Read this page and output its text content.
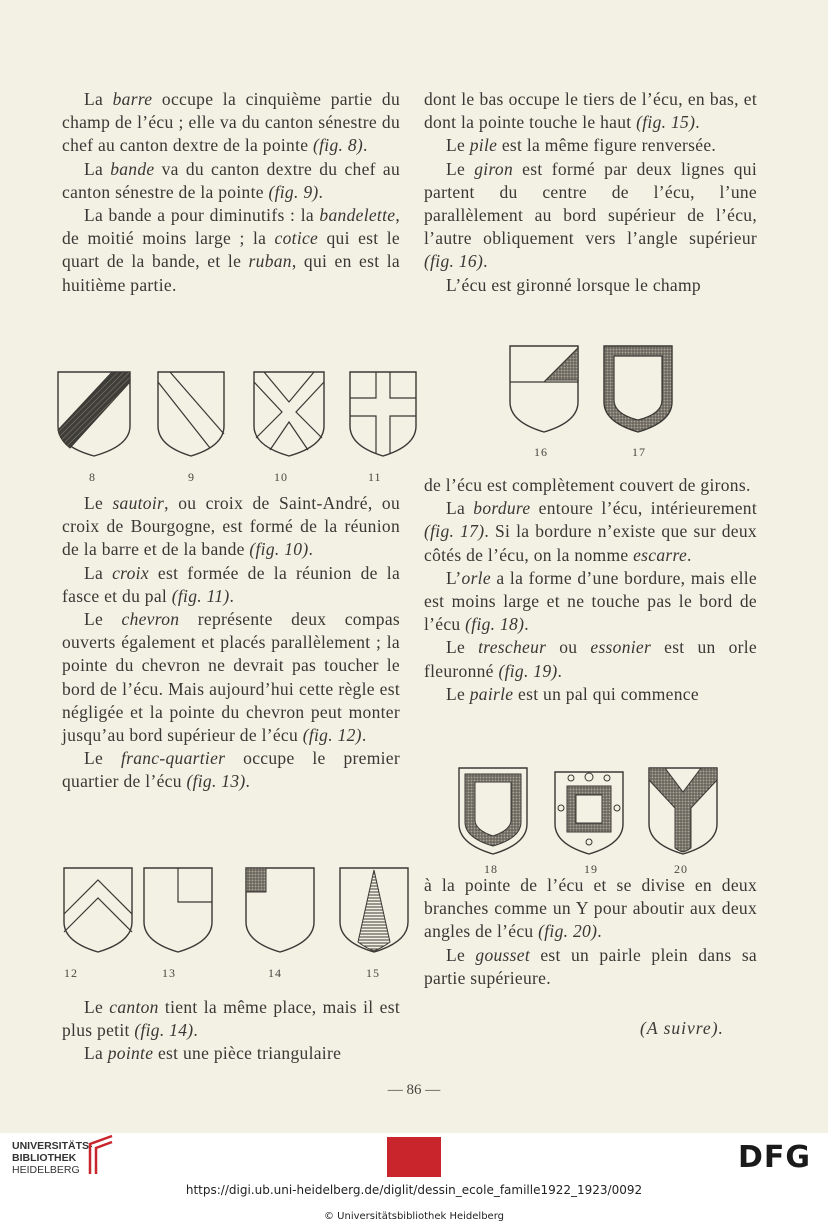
La barre occupe la cinquième partie du champ de l’écu ; elle va du canton sénestre du chef au canton dextre de la pointe (fig. 8).

La bande va du canton dextre du chef au canton sénestre de la pointe (fig. 9).

La bande a pour diminutifs : la bandelette, de moitié moins large ; la cotice qui est le quart de la bande, et le ruban, qui en est la huitième partie.

8	9	10	11

Le sautoir, ou croix de Saint-André, ou croix de Bourgogne, est formé de la réunion de la barre et de la bande (fig. 10).

La croix est formée de la réunion de la fasce et du pal (fig. 11).

Le chevron représente deux compas ouverts également et placés parallèlement ; la pointe du chevron ne devrait pas toucher le bord de l’écu. Mais aujourd’hui cette règle est négligée et la pointe du chevron peut monter jusqu’au bord supérieur de l’écu (fig. 12).

Le franc-quartier occupe le premier quartier de l’écu (fig. 13).

12	13	14	15

Le canton tient la même place, mais il est plus petit (fig. 14).

La pointe est une pièce triangulaire

dont le bas occupe le tiers de l’écu, en bas, et dont la pointe touche le haut (fig. 15).

Le pile est la même figure renversée.

Le giron est formé par deux lignes qui partent du centre de l’écu, l’une parallèlement au bord supérieur de l’écu, l’autre obliquement vers l’angle supérieur (fig. 16).

L’écu est gironné lorsque le champ

16	17

de l’écu est complètement couvert de girons.

La bordure entoure l’écu, intérieurement (fig. 17). Si la bordure n’existe que sur deux côtés de l’écu, on la nomme escarre.

L’orle a la forme d’une bordure, mais elle est moins large et ne touche pas le bord de l’écu (fig. 18).

Le trescheur ou essonier est un orle fleuronné (fig. 19).

Le pairle est un pal qui commence

18	19	20

à la pointe de l’écu et se divise en deux branches comme un Y pour aboutir aux deux angles de l’écu (fig. 20).

Le gousset est un pairle plein dans sa partie supérieure.

(A suivre).
— 86 —
UNIVERSITÄTS-
BIBLIOTHEK
HEIDELBERG	DFG
https://digi.ub.uni-heidelberg.de/diglit/dessin_ecole_famille1922_1923/0092
© Universitätsbibliothek Heidelberg
